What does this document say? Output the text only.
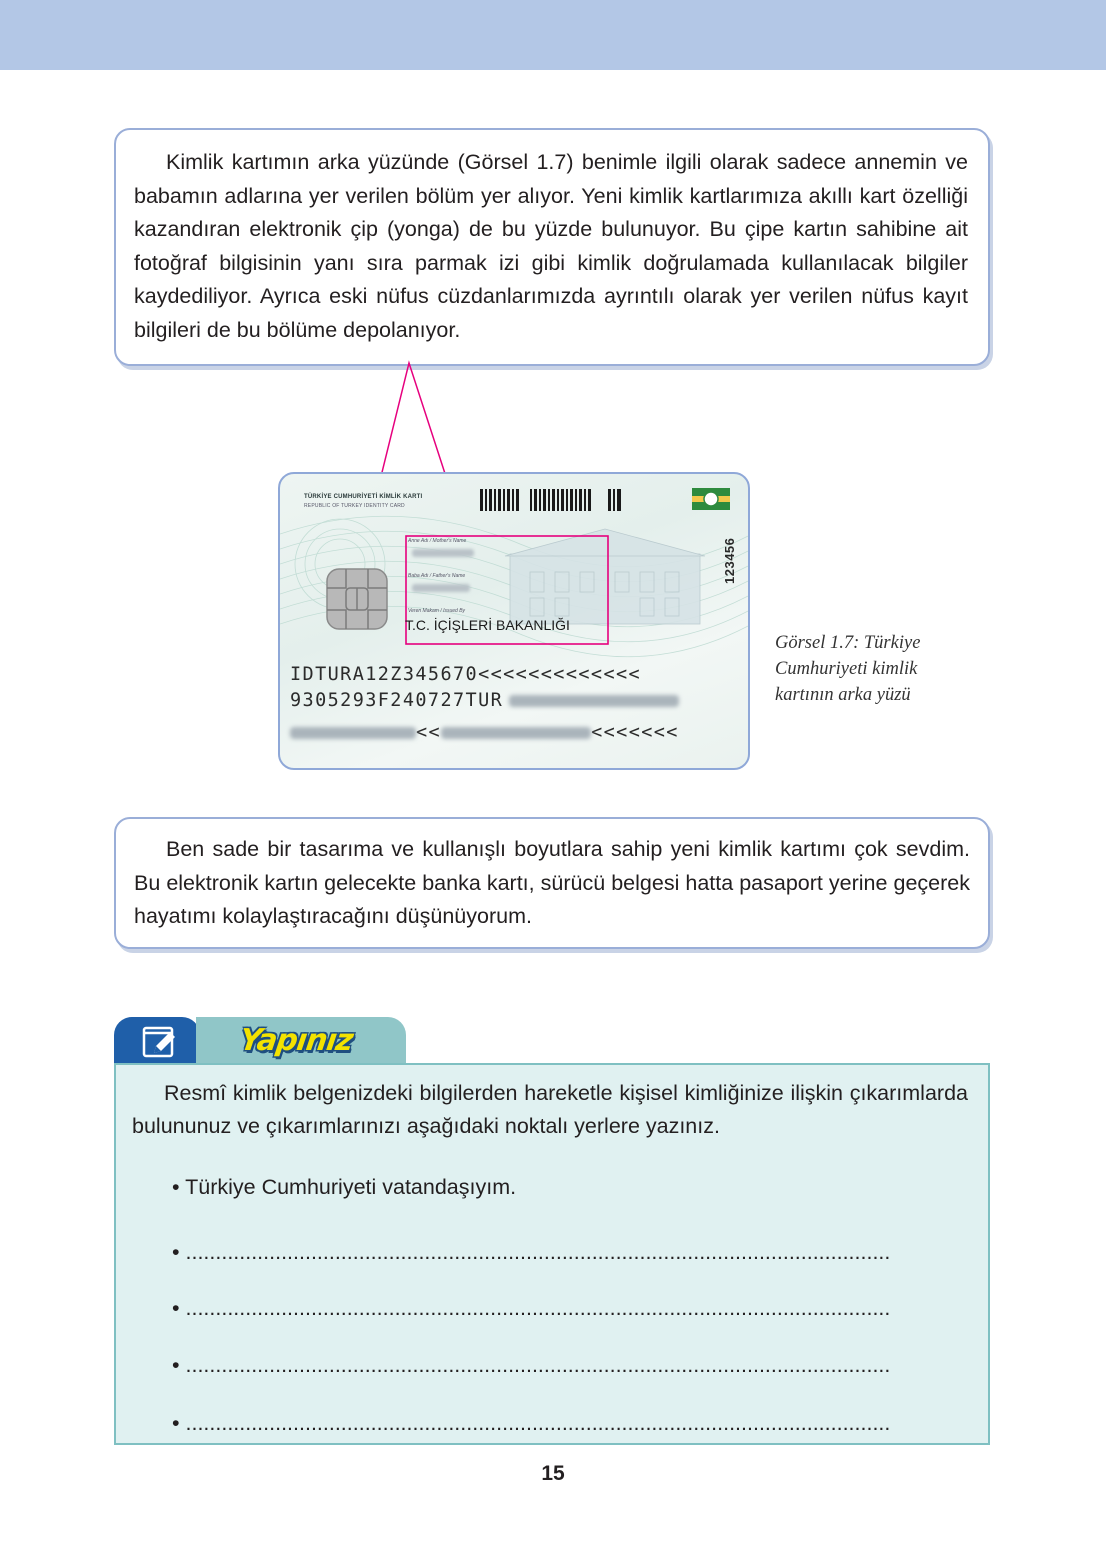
Kimlik kartımın arka yüzünde (Görsel 1.7) benimle ilgili olarak sadece annemin ve babamın adlarına yer verilen bölüm yer alıyor. Yeni kimlik kartlarımıza akıllı kart özelliği kazandıran elektronik çip (yonga) de bu yüzde bulunuyor. Bu çipe kartın sahibine ait fotoğraf bilgisinin yanı sıra parmak izi gibi kimlik doğrulamada kullanılacak bilgiler kaydediliyor. Ayrıca eski nüfus cüzdanlarımızda ayrıntılı olarak yer verilen nüfus kayıt bilgileri de bu bölüme depolanıyor.

TÜRKİYE CUMHURİYETİ KİMLİK KARTI
REPUBLIC OF TURKEY IDENTITY CARD
123456
Anne Adı / Mother's Name
Baba Adı / Father's Name
Veren Makam / Issued By
T.C. İÇİŞLERİ BAKANLIĞI
IDTURA12Z345670<<<<<<<<<<<<<
9305293F240727TUR
<<	<<<<<<<
Görsel 1.7: Türkiye Cumhuriyeti kimlik kartının arka yüzü

Ben sade bir tasarıma ve kullanışlı boyutlara sahip yeni kimlik kartımı çok sevdim. Bu elektronik kartın gelecekte banka kartı, sürücü belgesi hatta pasaport yerine geçerek hayatımı kolaylaştıracağını düşünüyorum.

Yapınız

Resmî kimlik belgenizdeki bilgilerden hareketle kişisel kimliğinize ilişkin çıkarımlarda bulununuz ve çıkarımlarınızı aşağıdaki noktalı yerlere yazınız.

• Türkiye Cumhuriyeti vatandaşıyım.
• ......................................................................................................................
• ......................................................................................................................
• ......................................................................................................................
• ......................................................................................................................
15
